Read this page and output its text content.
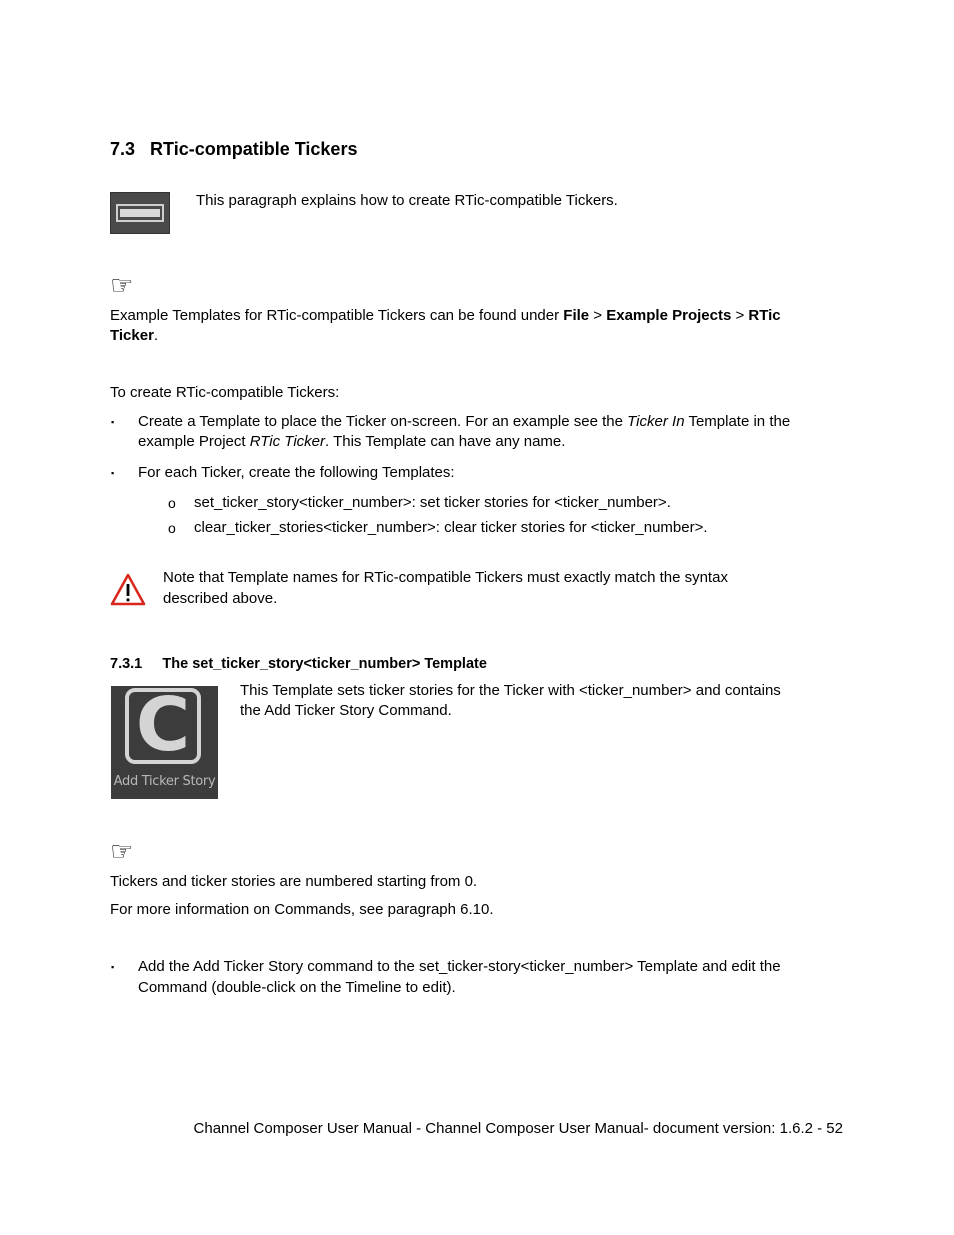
7.3 RTic-compatible Tickers
This paragraph explains how to create RTic-compatible Tickers.
☞
Example Templates for RTic-compatible Tickers can be found under File > Example Projects > RTic
Ticker.
To create RTic-compatible Tickers:
▪ Create a Template to place the Ticker on-screen. For an example see the Ticker In Template in the
example Project RTic Ticker. This Template can have any name.
▪ For each Ticker, create the following Templates:
o set_ticker_story<ticker_number>: set ticker stories for <ticker_number>.
o clear_ticker_stories<ticker_number>: clear ticker stories for <ticker_number>.
Note that Template names for RTic-compatible Tickers must exactly match the syntax
described above.
7.3.1 The set_ticker_story<ticker_number> Template
C
Add Ticker Story
This Template sets ticker stories for the Ticker with <ticker_number> and contains
the Add Ticker Story Command.
☞
Tickers and ticker stories are numbered starting from 0.
For more information on Commands, see paragraph 6.10.
▪ Add the Add Ticker Story command to the set_ticker-story<ticker_number> Template and edit the
Command (double-click on the Timeline to edit).
Channel Composer User Manual - Channel Composer User Manual- document version: 1.6.2 - 52
